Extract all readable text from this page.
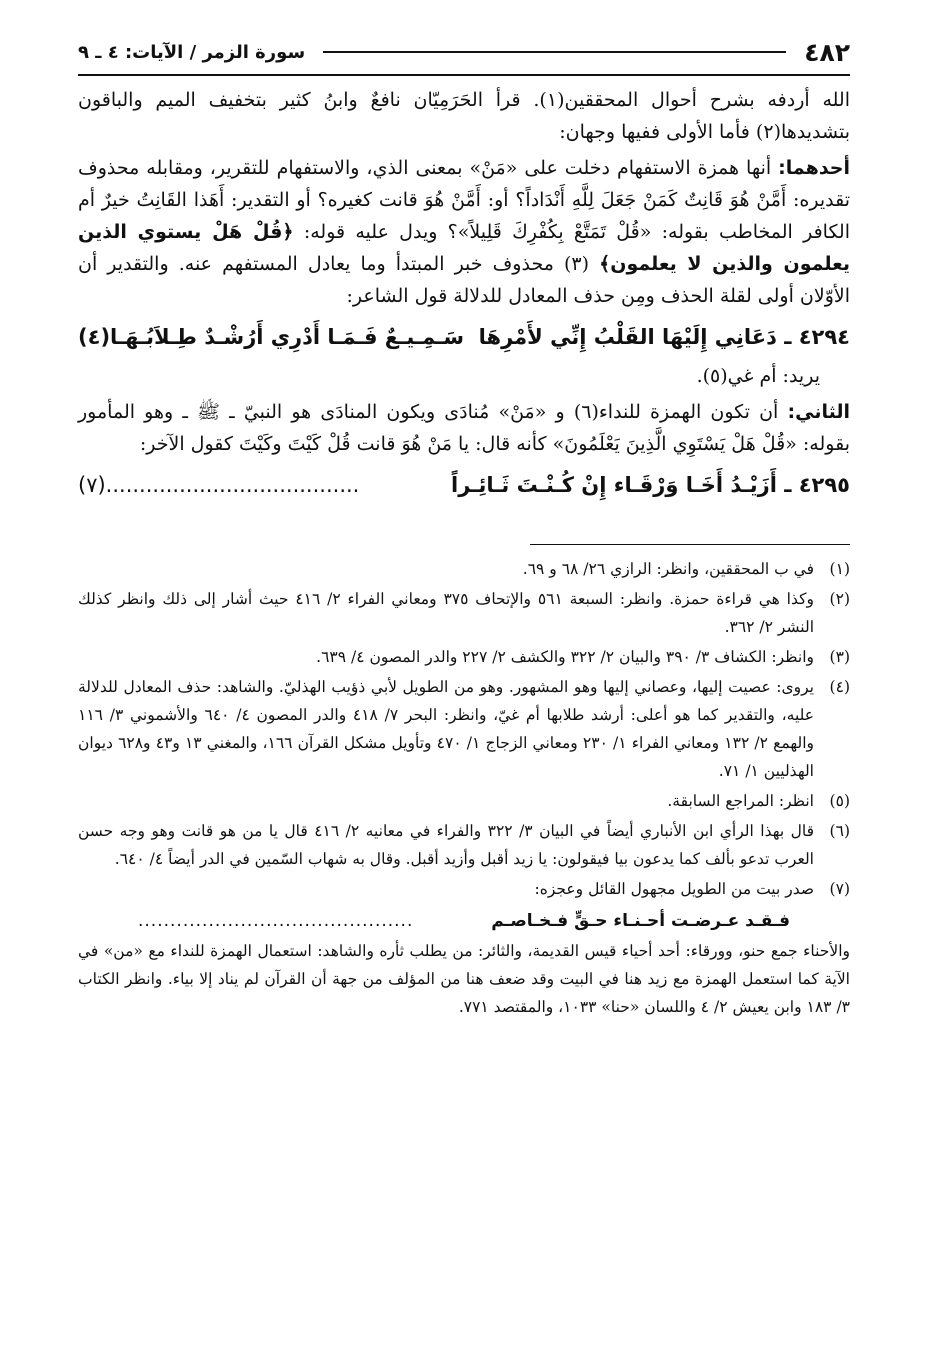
٤٨٢
سورة الزمر / الآيات: ٤ ـ ٩

الله أردفه بشرح أحوال المحققين(١). قرأ الحَرَمِيّان نافعٌ وابنُ كثير بتخفيف الميم والباقون بتشديدها(٢) فأما الأولى ففيها وجهان:

أحدهما: أنها همزة الاستفهام دخلت على «مَنْ» بمعنى الذي، والاستفهام للتقرير، ومقابله محذوف تقديره: أَمَّنْ هُوَ قَانِتٌ كَمَنْ جَعَلَ لِلَّهِ أَنْدَاداً؟ أو: أَمَّنْ هُوَ قانت كغيره؟ أو التقدير: أَهَذا القَانِتُ خيرٌ أم الكافر المخاطب بقوله: «قُلْ تَمَتَّعْ بِكُفْرِكَ قَلِيلاً»؟ ويدل عليه قوله: ﴿قُلْ هَلْ يستوي الذين يعلمون والذين لا يعلمون﴾ (٣) محذوف خبر المبتدأ وما يعادل المستفهم عنه. والتقدير أن الأوّلان أولى لقلة الحذف ومِن حذف المعادل للدلالة قول الشاعر:

٤٢٩٤ ـ دَعَانِي إِلَيْهَا القَلْبُ إِنِّي لأَمْرِهَا
سَـمِـيـعٌ فَـمَـا أَدْرِي أَرُشْـدٌ طِـلاَبُـهَـا(٤)

يريد: أم غي(٥).

الثاني: أن تكون الهمزة للنداء(٦) و «مَنْ» مُنادَى ويكون المنادَى هو النبيّ ـ ﷺ ـ وهو المأمور بقوله: «قُلْ هَلْ يَسْتَوِي الَّذِينَ يَعْلَمُونَ» كأنه قال: يا مَنْ هُوَ قانت قُلْ كَيْتَ وكَيْتَ كقول الآخر:

٤٢٩٥ ـ أَزَيْـدُ أَخَـا وَرْقَـاء إِنْ كُـنْـتَ ثَـائِـراً
......................................(٧)
(١)
في ب المحققين، وانظر: الرازي ٢٦/ ٦٨ و ٦٩.
(٢)
وكذا هي قراءة حمزة. وانظر: السبعة ٥٦١ والإتحاف ٣٧٥ ومعاني الفراء ٢/ ٤١٦ حيث أشار إلى ذلك وانظر كذلك النشر ٢/ ٣٦٢.
(٣)
وانظر: الكشاف ٣/ ٣٩٠ والبيان ٢/ ٣٢٢ والكشف ٢/ ٢٢٧ والدر المصون ٤/ ٦٣٩.
(٤)
يروى: عصيت إليها، وعصاني إليها وهو المشهور. وهو من الطويل لأبي ذؤيب الهذليّ. والشاهد: حذف المعادل للدلالة عليه، والتقدير كما هو أعلى: أرشد طلابها أم غيّ، وانظر: البحر ٧/ ٤١٨ والدر المصون ٤/ ٦٤٠ والأشموني ٣/ ١١٦ والهمع ٢/ ١٣٢ ومعاني الفراء ١/ ٢٣٠ ومعاني الزجاج ١/ ٤٧٠ وتأويل مشكل القرآن ١٦٦، والمغني ١٣ و٤٣ و٦٢٨ ديوان الهذليين ١/ ٧١.
(٥)
انظر: المراجع السابقة.
(٦)
قال بهذا الرأي ابن الأنباري أيضاً في البيان ٣/ ٣٢٢ والفراء في معانيه ٢/ ٤١٦ قال يا من هو قانت وهو وجه حسن العرب تدعو بألف كما يدعون بيا فيقولون: يا زيد أقبل وأزيد أقبل. وقال به شهاب السّمين في الدر أيضاً ٤/ ٦٤٠.
(٧)
صدر بيت من الطويل مجهول القائل وعجزه:
فـقـد عـرضـت أحـنـاء حـقٍّ فـخـاصـم
...........................................
والأحناء جمع حنو، وورقاء: أحد أحياء قيس القديمة، والثائر: من يطلب ثأره والشاهد: استعمال الهمزة للنداء مع «من» في الآية كما استعمل الهمزة مع زيد هنا في البيت وقد ضعف هنا من المؤلف من جهة أن القرآن لم يناد إلا بياء. وانظر الكتاب ٣/ ١٨٣ وابن يعيش ٢/ ٤ واللسان «حنا» ١٠٣٣، والمقتصد ٧٧١.
